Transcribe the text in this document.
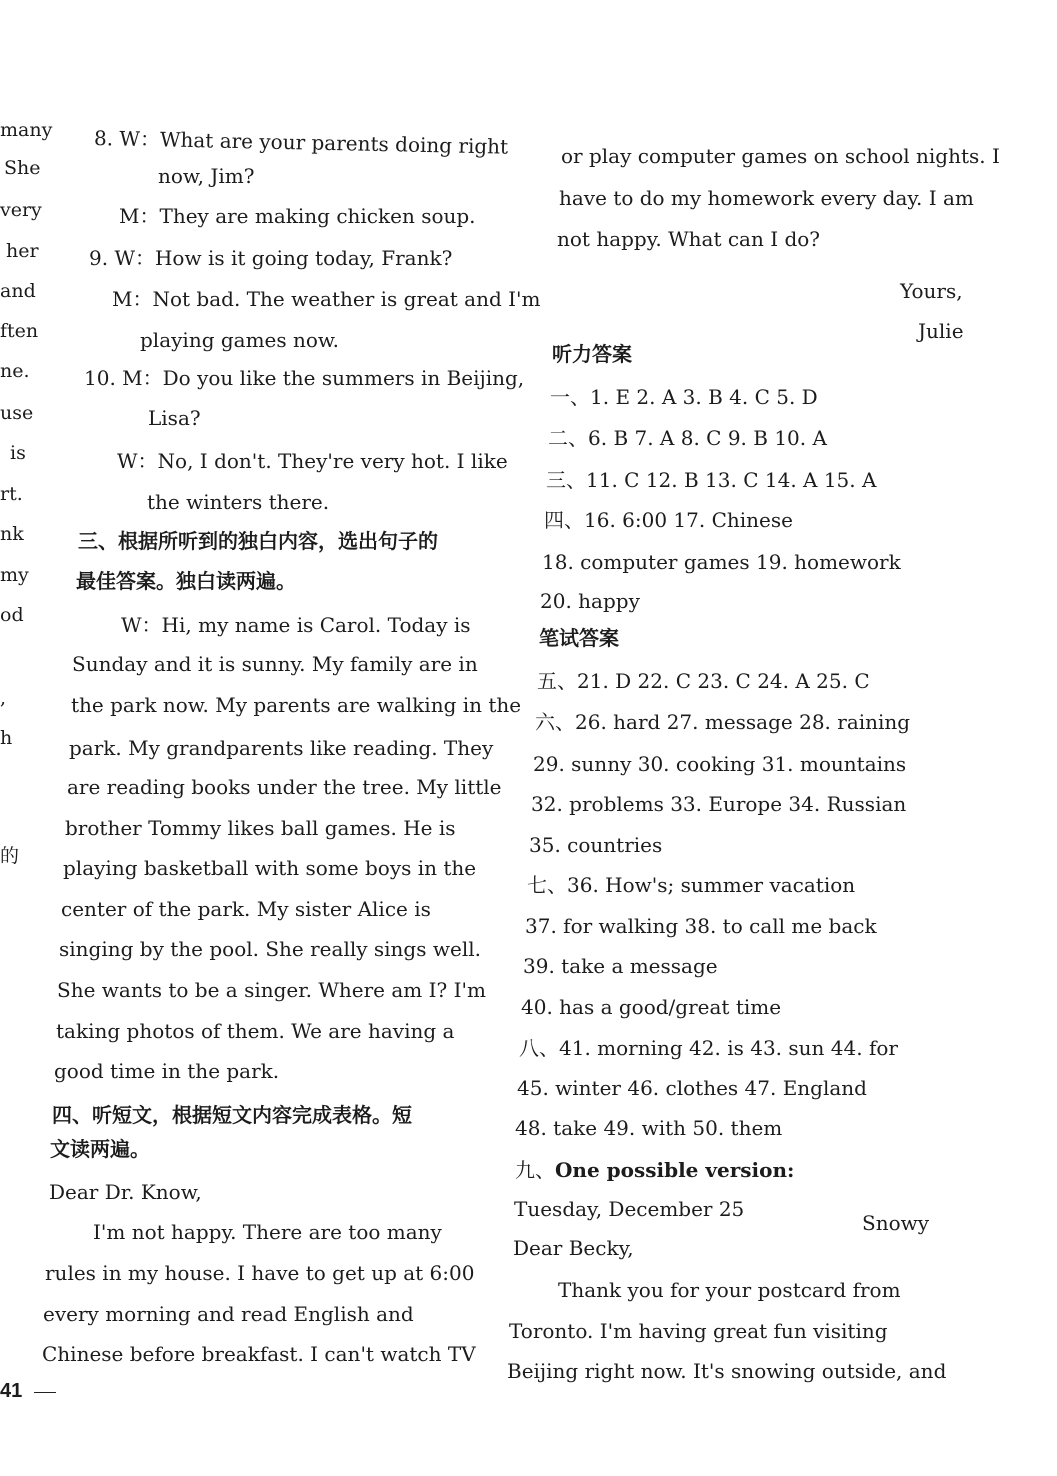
many
She
very
her
and
ften
ne.
use
is
rt.
nk
my
od
,
h
的
8. W：What are your parents doing right
now, Jim?
M：They are making chicken soup.
9. W：How is it going today, Frank?
M：Not bad. The weather is great and I'm
playing games now.
10. M：Do you like the summers in Beijing,
Lisa?
W：No, I don't. They're very hot. I like
the winters there.
三、根据所听到的独白内容，选出句子的
最佳答案。独白读两遍。
W：Hi, my name is Carol. Today is
Sunday and it is sunny. My family are in
the park now. My parents are walking in the
park. My grandparents like reading. They
are reading books under the tree. My little
brother Tommy likes ball games. He is
playing basketball with some boys in the
center of the park. My sister Alice is
singing by the pool. She really sings well.
She wants to be a singer. Where am I? I'm
taking photos of them. We are having a
good time in the park.
四、听短文，根据短文内容完成表格。短
文读两遍。
Dear Dr. Know,
I'm not happy. There are too many
rules in my house. I have to get up at 6:00
every morning and read English and
Chinese before breakfast. I can't watch TV
or play computer games on school nights. I
have to do my homework every day. I am
not happy. What can I do?
Yours,
Julie
听力答案
一、1. E 2. A 3. B 4. C 5. D
二、6. B 7. A 8. C 9. B 10. A
三、11. C 12. B 13. C 14. A 15. A
四、16. 6:00 17. Chinese
18. computer games 19. homework
20. happy
笔试答案
五、21. D 22. C 23. C 24. A 25. C
六、26. hard 27. message 28. raining
29. sunny 30. cooking 31. mountains
32. problems 33. Europe 34. Russian
35. countries
七、36. How's; summer vacation
37. for walking 38. to call me back
39. take a message
40. has a good/great time
八、41. morning 42. is 43. sun 44. for
45. winter 46. clothes 47. England
48. take 49. with 50. them
九、One possible version:
Tuesday, December 25
Snowy
Dear Becky,
Thank you for your postcard from
Toronto. I'm having great fun visiting
Beijing right now. It's snowing outside, and
41
